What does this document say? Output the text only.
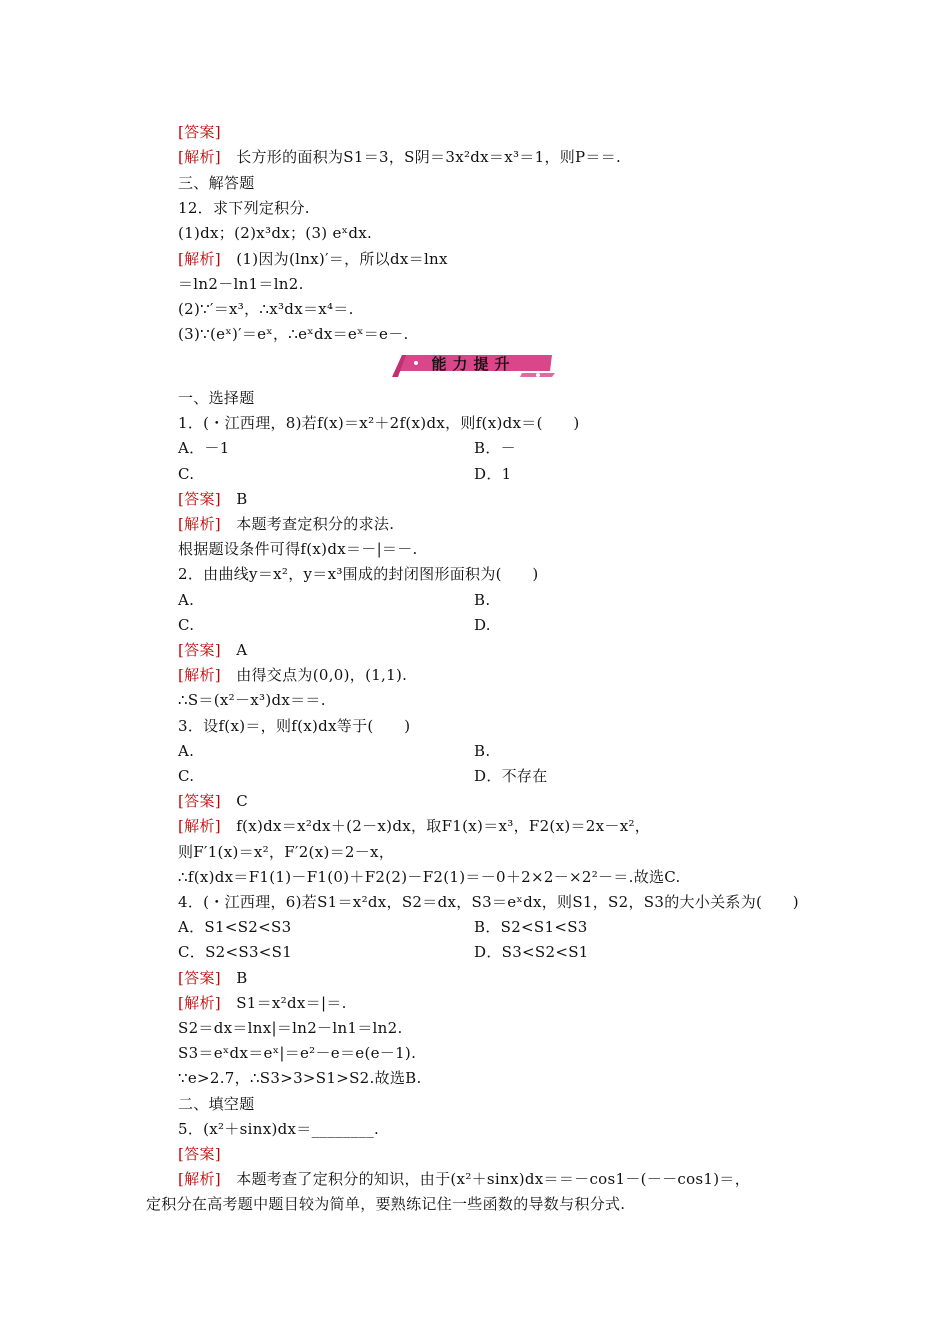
[答案]
[解析]　长方形的面积为S1＝3，S阴＝3x²dx＝x³＝1，则P＝＝.
三、解答题
12．求下列定积分.
(1)dx；(2)x³dx；(3) eˣdx.
[解析]　(1)因为(lnx)′＝，所以dx＝lnx
＝ln2－ln1＝ln2.
(2)∵′＝x³，∴x³dx＝x⁴＝.
(3)∵(eˣ)′＝eˣ，∴eˣdx＝eˣ＝e－.
一、选择题
1．(・江西理，8)若f(x)＝x²＋2f(x)dx，则f(x)dx＝(　　)
A．－1	B．－
C.	D．1
[答案]　B
[解析]　本题考查定积分的求法.
根据题设条件可得f(x)dx＝－|＝－.
2．由曲线y＝x²，y＝x³围成的封闭图形面积为(　　)
A.	B.
C.	D.
[答案]　A
[解析]　由得交点为(0,0)，(1,1).
∴S＝(x²－x³)dx＝＝.
3．设f(x)＝，则f(x)dx等于(　　)
A.	B.
C.	D．不存在
[答案]　C
[解析]　f(x)dx＝x²dx＋(2－x)dx，取F1(x)＝x³，F2(x)＝2x－x²，
则F′1(x)＝x²，F′2(x)＝2－x，
∴f(x)dx＝F1(1)－F1(0)＋F2(2)－F2(1)＝－0＋2×2－×2²－＝.故选C.
4．(・江西理，6)若S1＝x²dx，S2＝dx，S3＝eˣdx，则S1，S2，S3的大小关系为(　　)
A．S1<S2<S3	B．S2<S1<S3
C．S2<S3<S1	D．S3<S2<S1
[答案]　B
[解析]　S1＝x²dx＝|＝.
S2＝dx＝lnx|＝ln2－ln1＝ln2.
S3＝eˣdx＝eˣ|＝e²－e＝e(e－1).
∵e>2.7，∴S3>3>S1>S2.故选B.
二、填空题
5．(x²＋sinx)dx＝________.
[答案]
[解析]　本题考查了定积分的知识，由于(x²＋sinx)dx＝＝－cos1－(－－cos1)＝，
定积分在高考题中题目较为简单，要熟练记住一些函数的导数与积分式.
能力提升
